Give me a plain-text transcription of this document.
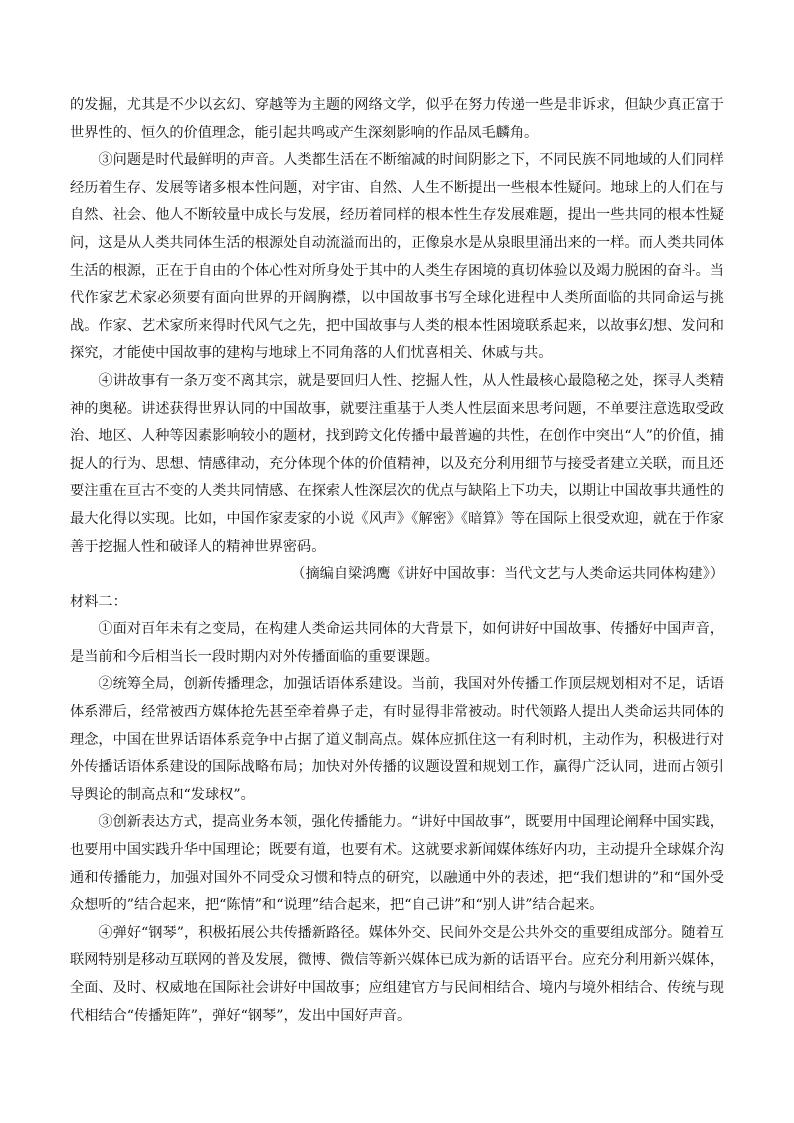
的发掘，尤其是不少以玄幻、穿越等为主题的网络文学，似乎在努力传递一些是非诉求，但缺少真正富于世界性的、恒久的价值理念，能引起共鸣或产生深刻影响的作品凤毛麟角。

③问题是时代最鲜明的声音。人类都生活在不断缩减的时间阴影之下，不同民族不同地域的人们同样经历着生存、发展等诸多根本性问题，对宇宙、自然、人生不断提出一些根本性疑问。地球上的人们在与自然、社会、他人不断较量中成长与发展，经历着同样的根本性生存发展难题，提出一些共同的根本性疑问，这是从人类共同体生活的根源处自动流溢而出的，正像泉水是从泉眼里涌出来的一样。而人类共同体生活的根源，正在于自由的个体心性对所身处于其中的人类生存困境的真切体验以及竭力脱困的奋斗。当代作家艺术家必须要有面向世界的开阔胸襟，以中国故事书写全球化进程中人类所面临的共同命运与挑战。作家、艺术家所来得时代风气之先，把中国故事与人类的根本性困境联系起来，以故事幻想、发问和探究，才能使中国故事的建构与地球上不同角落的人们忧喜相关、休戚与共。

④讲故事有一条万变不离其宗，就是要回归人性、挖掘人性，从人性最核心最隐秘之处，探寻人类精神的奥秘。讲述获得世界认同的中国故事，就要注重基于人类人性层面来思考问题，不单要注意选取受政治、地区、人种等因素影响较小的题材，找到跨文化传播中最普遍的共性，在创作中突出“人”的价值，捕捉人的行为、思想、情感律动，充分体现个体的价值精神，以及充分利用细节与接受者建立关联，而且还要注重在亘古不变的人类共同情感、在探索人性深层次的优点与缺陷上下功夫，以期让中国故事共通性的最大化得以实现。比如，中国作家麦家的小说《风声》《解密》《暗算》等在国际上很受欢迎，就在于作家善于挖掘人性和破译人的精神世界密码。

（摘编自梁鸿鹰《讲好中国故事：当代文艺与人类命运共同体构建》）

材料二：

①面对百年未有之变局，在构建人类命运共同体的大背景下，如何讲好中国故事、传播好中国声音，是当前和今后相当长一段时期内对外传播面临的重要课题。

②统筹全局，创新传播理念，加强话语体系建设。当前，我国对外传播工作顶层规划相对不足，话语体系滞后，经常被西方媒体抢先甚至牵着鼻子走，有时显得非常被动。时代领路人提出人类命运共同体的理念，中国在世界话语体系竞争中占据了道义制高点。媒体应抓住这一有利时机，主动作为，积极进行对外传播话语体系建设的国际战略布局；加快对外传播的议题设置和规划工作，赢得广泛认同，进而占领引导舆论的制高点和“发球权”。

③创新表达方式，提高业务本领，强化传播能力。“讲好中国故事”，既要用中国理论阐释中国实践，也要用中国实践升华中国理论；既要有道，也要有术。这就要求新闻媒体练好内功，主动提升全球媒介沟通和传播能力，加强对国外不同受众习惯和特点的研究，以融通中外的表述，把“我们想讲的”和“国外受众想听的”结合起来，把“陈情”和“说理”结合起来，把“自己讲”和“别人讲”结合起来。

④弹好“钢琴”，积极拓展公共传播新路径。媒体外交、民间外交是公共外交的重要组成部分。随着互联网特别是移动互联网的普及发展，微博、微信等新兴媒体已成为新的话语平台。应充分利用新兴媒体，全面、及时、权威地在国际社会讲好中国故事；应组建官方与民间相结合、境内与境外相结合、传统与现代相结合“传播矩阵”，弹好“钢琴”，发出中国好声音。
